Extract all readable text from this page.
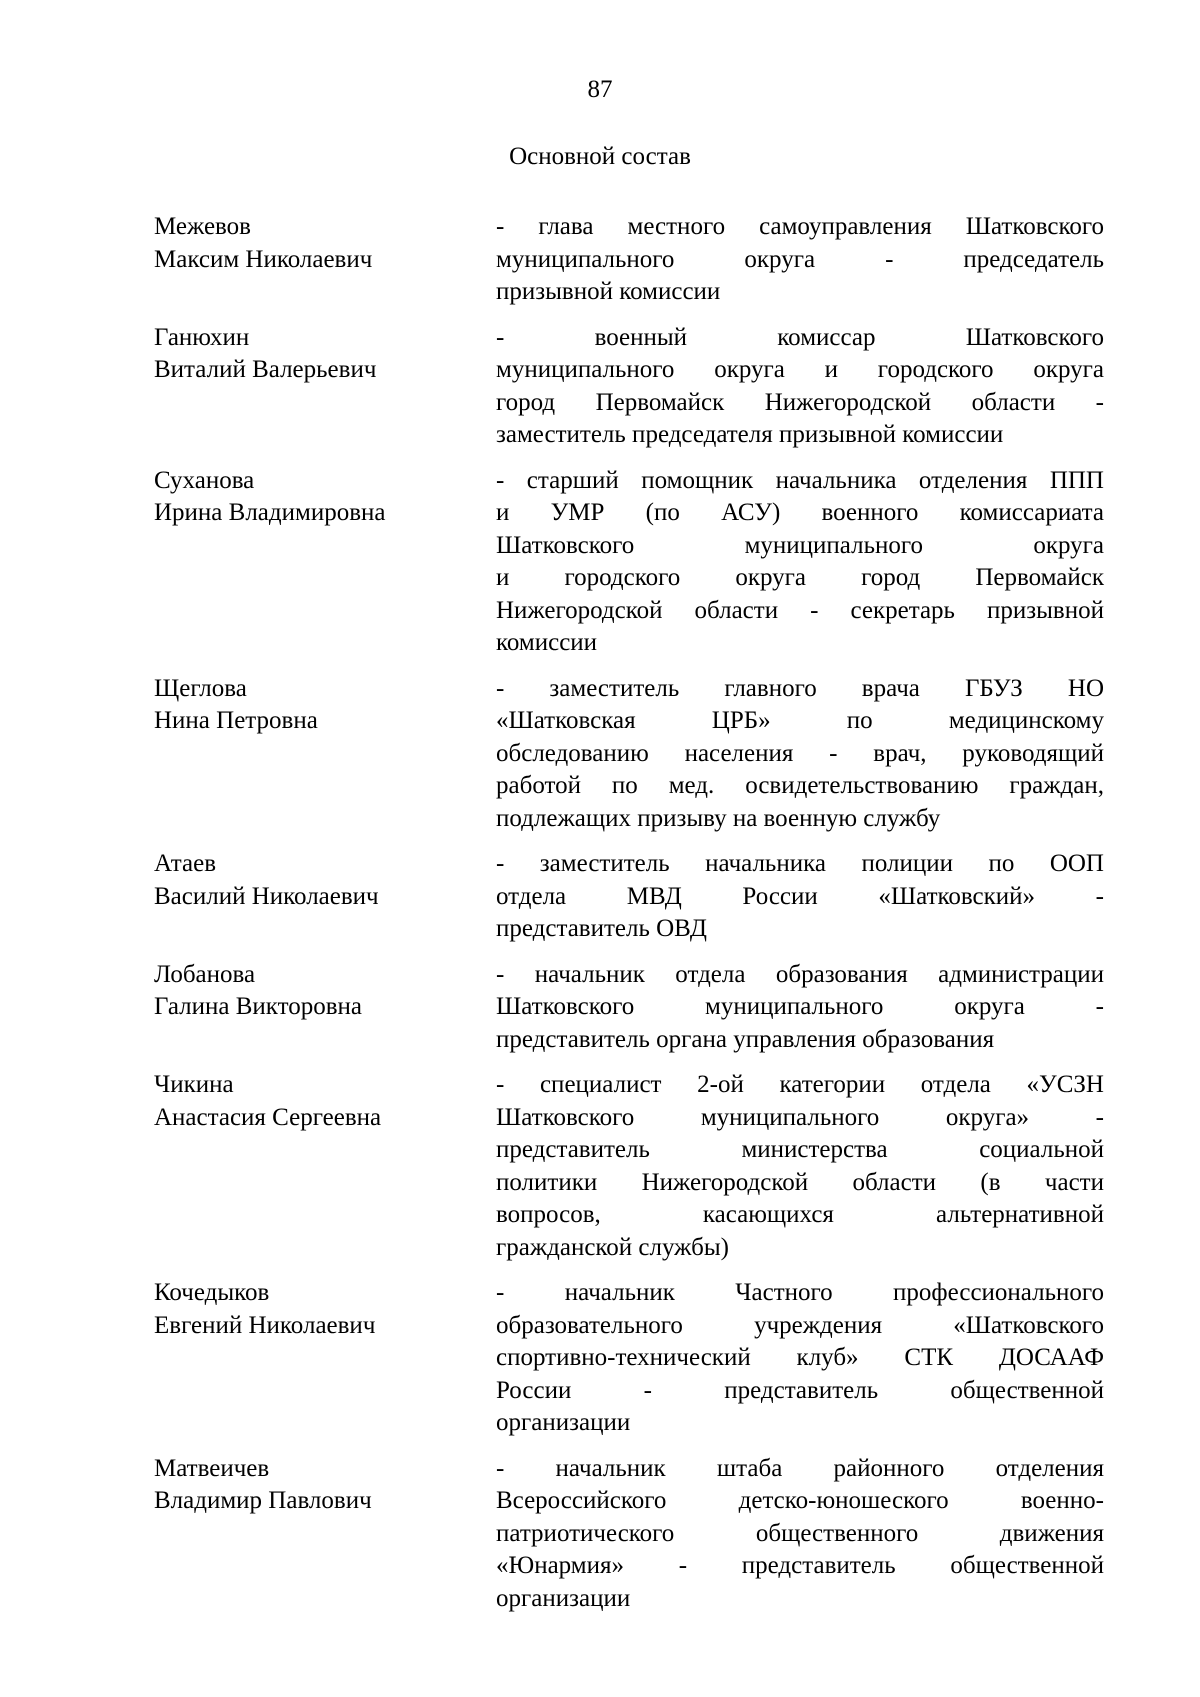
87
Основной состав
Межевов
Максим Николаевич
- глава местного самоуправления Шатковского
муниципального округа - председатель
призывной комиссии
Ганюхин
Виталий Валерьевич
- военный комиссар Шатковского
муниципального округа и городского округа
город Первомайск Нижегородской области -
заместитель председателя призывной комиссии
Суханова
Ирина Владимировна
- старший помощник начальника отделения ППП
и УМР (по АСУ) военного комиссариата
Шатковского муниципального округа
и городского округа город Первомайск
Нижегородской области - секретарь призывной
комиссии
Щеглова
Нина Петровна
- заместитель главного врача ГБУЗ НО
«Шатковская ЦРБ» по медицинскому
обследованию населения - врач, руководящий
работой по мед. освидетельствованию граждан,
подлежащих призыву на военную службу
Атаев
Василий Николаевич
- заместитель начальника полиции по ООП
отдела МВД России «Шатковский» -
представитель ОВД
Лобанова
Галина Викторовна
- начальник отдела образования администрации
Шатковского муниципального округа -
представитель органа управления образования
Чикина
Анастасия Сергеевна
- специалист 2-ой категории отдела «УСЗН
Шатковского муниципального округа» -
представитель министерства социальной
политики Нижегородской области (в части
вопросов, касающихся альтернативной
гражданской службы)
Кочедыков
Евгений Николаевич
- начальник Частного профессионального
образовательного учреждения «Шатковского
спортивно-технический клуб» СТК ДОСААФ
России - представитель общественной
организации
Матвеичев
Владимир Павлович
- начальник штаба районного отделения
Всероссийского детско-юношеского военно-
патриотического общественного движения
«Юнармия» - представитель общественной
организации
